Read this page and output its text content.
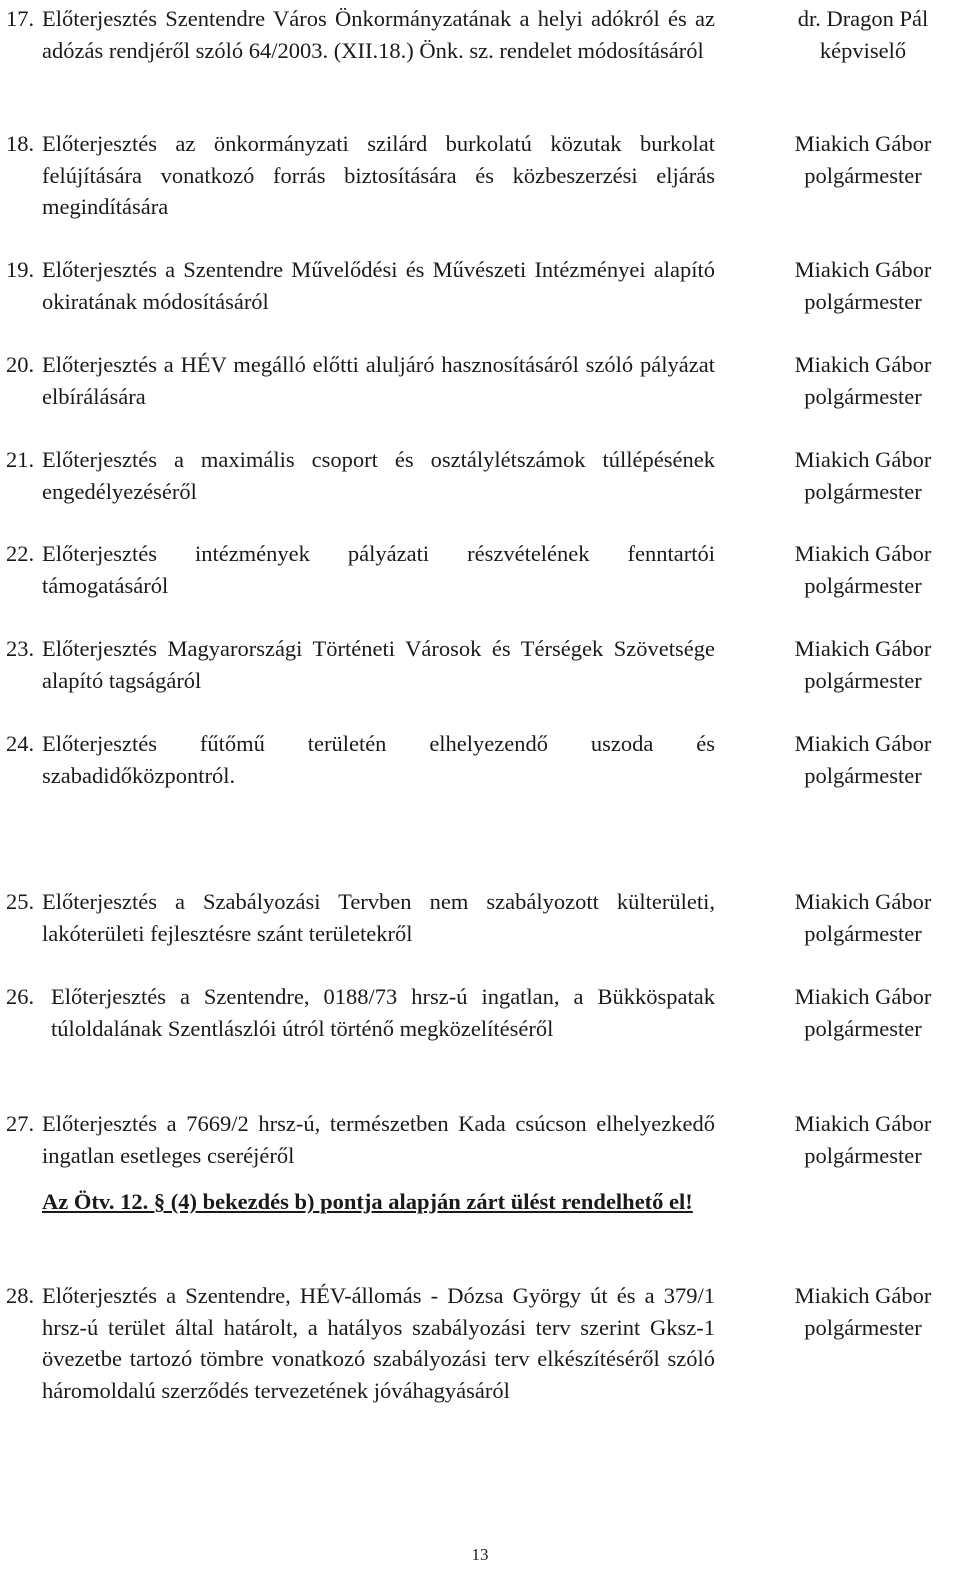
17. Előterjesztés Szentendre Város Önkormányzatának a helyi adókról és az adózás rendjéről szóló 64/2003. (XII.18.) Önk. sz. rendelet módosításáról
dr. Dragon Pál
képviselő
18. Előterjesztés az önkormányzati szilárd burkolatú közutak burkolat felújítására vonatkozó forrás biztosítására és közbeszerzési eljárás megindítására
Miakich Gábor
polgármester
19. Előterjesztés a Szentendre Művelődési és Művészeti Intézményei alapító okiratának módosításáról
Miakich Gábor
polgármester
20. Előterjesztés a HÉV megálló előtti aluljáró hasznosításáról szóló pályázat elbírálására
Miakich Gábor
polgármester
21. Előterjesztés a maximális csoport és osztálylétszámok túllépésének engedélyezéséről
Miakich Gábor
polgármester
22. Előterjesztés intézmények pályázati részvételének fenntartói támogatásáról
Miakich Gábor
polgármester
23. Előterjesztés Magyarországi Történeti Városok és Térségek Szövetsége alapító tagságáról
Miakich Gábor
polgármester
24. Előterjesztés fűtőmű területén elhelyezendő uszoda és szabadidőközpontról.
Miakich Gábor
polgármester
25. Előterjesztés a Szabályozási Tervben nem szabályozott külterületi, lakóterületi fejlesztésre szánt területekről
Miakich Gábor
polgármester
26. Előterjesztés a Szentendre, 0188/73 hrsz-ú ingatlan, a Bükköspatak túloldalának Szentlászlói útról történő megközelítéséről
Miakich Gábor
polgármester
27. Előterjesztés a 7669/2 hrsz-ú, természetben Kada csúcson elhelyezkedő ingatlan esetleges cseréjéről
Miakich Gábor
polgármester
Az Ötv. 12. § (4) bekezdés b) pontja alapján zárt ülést rendelhető el!
28. Előterjesztés a Szentendre, HÉV-állomás - Dózsa György út és a 379/1 hrsz-ú terület által határolt, a hatályos szabályozási terv szerint Gksz-1 övezetbe tartozó tömbre vonatkozó szabályozási terv elkészítéséről szóló háromoldalú szerződés tervezetének jóváhagyásáról
Miakich Gábor
polgármester
13
